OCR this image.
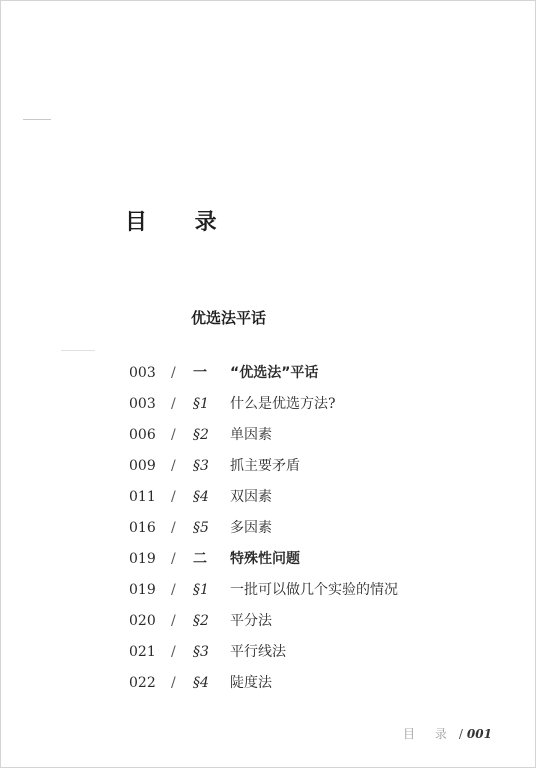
目 录
优选法平话
003	/ 一 “优选法”平话
003	/ §1 什么是优选方法?
006	/ §2 单因素
009	/ §3 抓主要矛盾
011	/ §4 双因素
016	/ §5 多因素
019	/ 二 特殊性问题
019	/ §1 一批可以做几个实验的情况
020	/ §2 平分法
021	/ §3 平行线法
022	/ §4 陡度法
目 录 / 001
